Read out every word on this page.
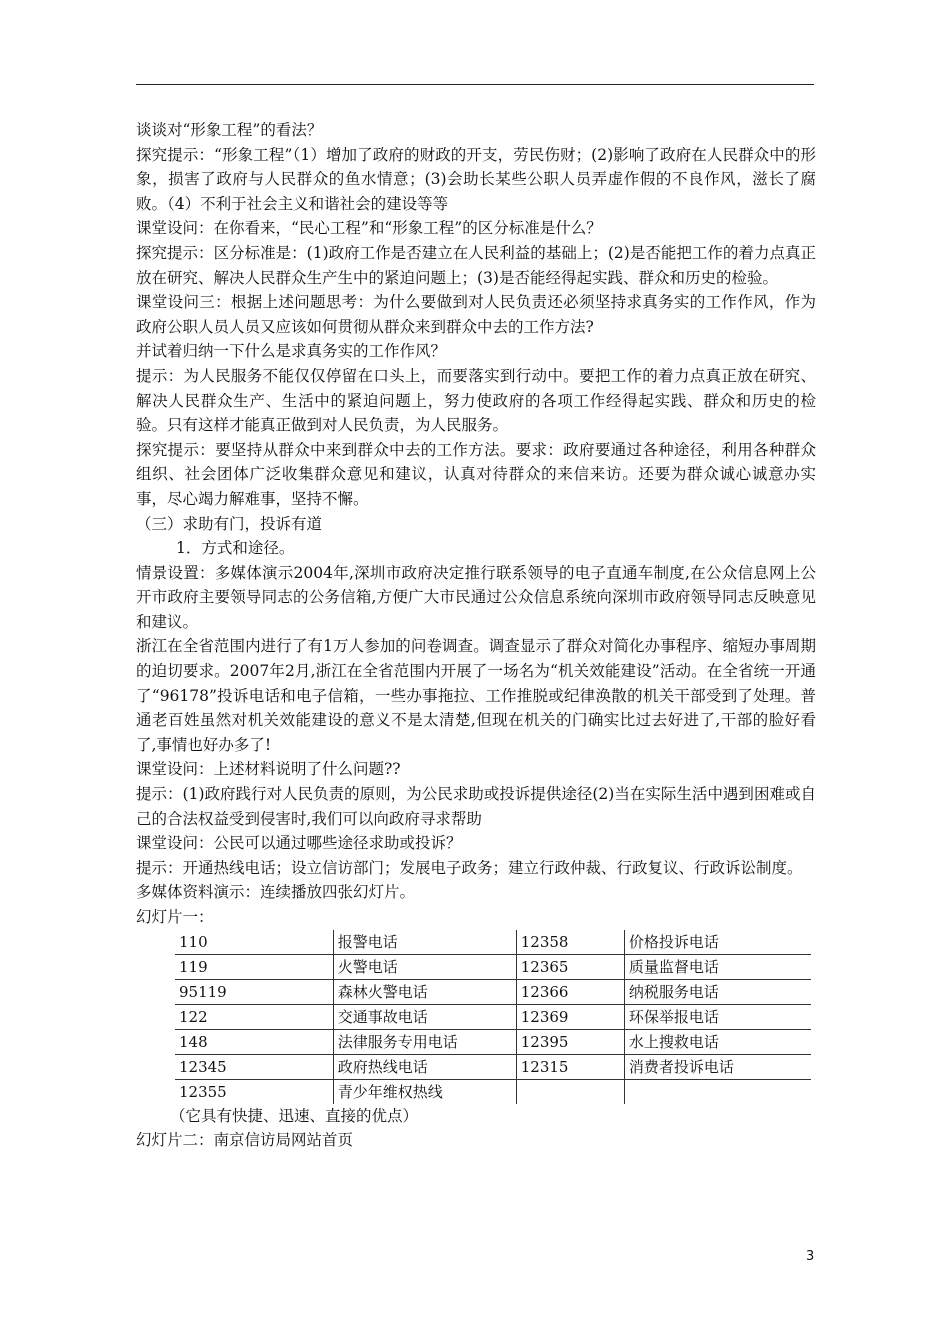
谈谈对“形象工程”的看法？

探究提示：“形象工程”（1）增加了政府的财政的开支，劳民伤财；(2)影响了政府在人民群众中的形象，损害了政府与人民群众的鱼水情意；(3)会助长某些公职人员弄虚作假的不良作风，滋长了腐败。（4）不利于社会主义和谐社会的建设等等

课堂设问：在你看来，“民心工程”和“形象工程”的区分标准是什么？

探究提示：区分标准是：(1)政府工作是否建立在人民利益的基础上；(2)是否能把工作的着力点真正放在研究、解决人民群众生产生中的紧迫问题上；(3)是否能经得起实践、群众和历史的检验。

课堂设问三：根据上述问题思考：为什么要做到对人民负责还必须坚持求真务实的工作作风，作为政府公职人员人员又应该如何贯彻从群众来到群众中去的工作方法?

并试着归纳一下什么是求真务实的工作作风？

提示：为人民服务不能仅仅停留在口头上，而要落实到行动中。要把工作的着力点真正放在研究、解决人民群众生产、生活中的紧迫问题上，努力使政府的各项工作经得起实践、群众和历史的检验。只有这样才能真正做到对人民负责，为人民服务。

探究提示：要坚持从群众中来到群众中去的工作方法。要求：政府要通过各种途径，利用各种群众组织、社会团体广泛收集群众意见和建议，认真对待群众的来信来访。还要为群众诚心诚意办实事，尽心竭力解难事，坚持不懈。

（三）求助有门，投诉有道

1．方式和途径。

情景设置：多媒体演示2004年,深圳市政府决定推行联系领导的电子直通车制度,在公众信息网上公开市政府主要领导同志的公务信箱,方便广大市民通过公众信息系统向深圳市政府领导同志反映意见和建议。

浙江在全省范围内进行了有1万人参加的问卷调查。调查显示了群众对简化办事程序、缩短办事周期的迫切要求。2007年2月,浙江在全省范围内开展了一场名为“机关效能建设”活动。在全省统一开通了“96178”投诉电话和电子信箱，一些办事拖拉、工作推脱或纪律涣散的机关干部受到了处理。普通老百姓虽然对机关效能建设的意义不是太清楚,但现在机关的门确实比过去好进了,干部的脸好看了,事情也好办多了!

课堂设问：上述材料说明了什么问题??

提示：(1)政府践行对人民负责的原则，为公民求助或投诉提供途径(2)当在实际生活中遇到困难或自己的合法权益受到侵害时,我们可以向政府寻求帮助

课堂设问：公民可以通过哪些途径求助或投诉？

提示：开通热线电话；设立信访部门；发展电子政务；建立行政仲裁、行政复议、行政诉讼制度。

多媒体资料演示：连续播放四张幻灯片。

幻灯片一：

110	报警电话	12358	价格投诉电话
119	火警电话	12365	质量监督电话
95119	森林火警电话	12366	纳税服务电话
122	交通事故电话	12369	环保举报电话
148	法律服务专用电话	12395	水上搜救电话
12345	政府热线电话	12315	消费者投诉电话
12355	青少年维权热线		

（它具有快捷、迅速、直接的优点）

幻灯片二：南京信访局网站首页

3
